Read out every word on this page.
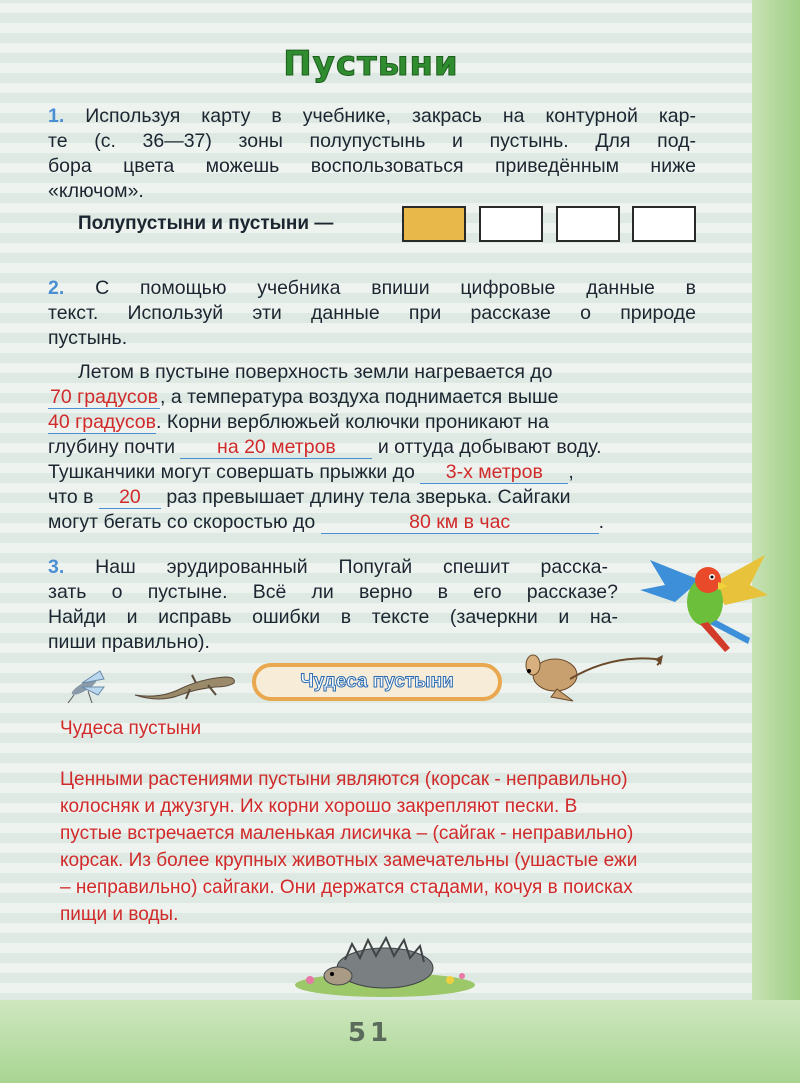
Пустыни
1. Используя карту в учебнике, закрась на контурной кар-
те (с. 36—37) зоны полупустынь и пустынь. Для под-
бора цвета можешь воспользоваться приведённым ниже
«ключом».
Полупустыни и пустыни —
2. С помощью учебника впиши цифровые данные в
текст. Используй эти данные при рассказе о природе
пустынь.
Летом в пустыне поверхность земли нагревается до
70 градусов , а температура воздуха поднимается выше
40 градусов. Корни верблюжьей колючки проникают на
глубину почти на 20 метров и оттуда добывают воду.
Тушканчики могут совершать прыжки до 3-х метров ,
что в 20 раз превышает длину тела зверька. Сайгаки
могут бегать со скоростью до	80 км в час	.
3. Наш эрудированный Попугай спешит расска-
зать о пустыне. Всё ли верно в его рассказе?
Найди и исправь ошибки в тексте (зачеркни и на-
пиши правильно).
Чудеса пустыни
Чудеса пустыни
Ценными растениями пустыни являются (корсак - неправильно)
колосняк и джузгун. Их корни хорошо закрепляют пески. В
пустые встречается маленькая лисичка – (сайгак - неправильно)
корсак. Из более крупных животных замечательны (ушастые ежи
– неправильно) сайгаки. Они держатся стадами, кочуя в поисках
пищи и воды.
51
